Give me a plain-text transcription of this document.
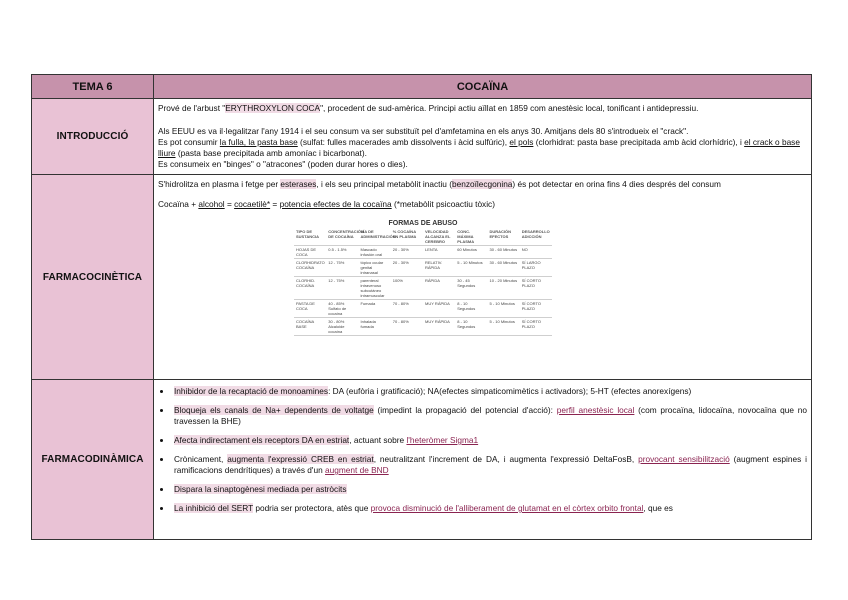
TEMA 6	COCAÏNA
INTRODUCCIÓ	

Prové de l'arbust "ERYTHROXYLON COCA", procedent de sud-amèrica. Principi actiu aïllat en 1859 com anestèsic local, tonificant i antidepressiu.

Als EEUU es va il·legalitzar l'any 1914 i el seu consum va ser substituït pel d'amfetamina en els anys 30. Amitjans dels 80 s'introdueix el "crack".

Es pot consumir la fulla, la pasta base (sulfat: fulles macerades amb dissolvents i àcid sulfúric), el pols (clorhidrat: pasta base precipitada amb àcid clorhídric), i el crack o base lliure (pasta base precipitada amb amoníac i bicarbonat).

Es consumeix en "binges" o "atracones" (poden durar hores o dies).

FARMACOCINÈTICA	

S'hidrolitza en plasma i fetge per esterases, i els seu principal metabòlit inactiu (benzoïlecgonina) és pot detectar en orina fins 4 dies després del consum

Cocaïna + alcohol = cocaetilè* = potencia efectes de la cocaïna (*metabòlit psicoactiu tòxic)

FORMAS DE ABUSO
TIPO DE SUSTANCIA	CONCENTRACIÓN DE COCAÍNA	VÍA DE ADMINISTRACIÓN	% COCAÍNA EN PLASMA	VELOCIDAD ALCANZA EL CEREBRO	CONC. MÁXIMA PLASMA	DURACIÓN EFECTOS	DESARROLLO ADICCIÓN
HOJAS DE COCA	0.5 - 1.5%	Mascado infusión oral	20 - 30%	LENTA	60 Minutos	30 - 60 Minutos	NO
CLORHIDRATO COCAÍNA	12 - 75%	tópico ocular genital intranasal	20 - 30%	RELATIV. RÁPIDA	5 - 10 Minutos	30 - 60 Minutos	SÍ LARGO PLAZO
CLORHID. COCAÍNA	12 - 75%	parenteral intravenoso subcutáneo intramuscular	100%	RÁPIDA	30 - 45 Segundos	10 - 20 Minutos	SÍ CORTO PLAZO
PASTA DE COCA	40 - 85% Sulfato de cocaína	Fumada	70 - 80%	MUY RÁPIDA	8 - 10 Segundos	5 - 10 Minutos	SÍ CORTO PLAZO
COCAÍNA BASE	30 - 80% Alcaloide cocaína	Inhalada fumada	70 - 80%	MUY RÁPIDA	8 - 10 Segundos	5 - 10 Minutos	SÍ CORTO PLAZO

FARMACODINÀMICA	
• Inhibidor de la recaptació de monoamines: DA (eufòria i gratificació); NA(efectes simpaticomimètics i activadors); 5-HT (efectes anorexígens)
• Bloqueja els canals de Na+ dependents de voltatge (impedint la propagació del potencial d'acció): perfil anestèsic local (com procaïna, lidocaïna, novocaïna que no travessen la BHE)
• Afecta indirectament els receptors DA en estriat, actuant sobre l'heteròmer Sigma1
• Crònicament, augmenta l'expressió CREB en estriat, neutralitzant l'increment de DA, i augmenta l'expressió DeltaFosB, provocant sensibilització (augment espines i ramificacions dendrítiques) a través d'un augment de BND
• Dispara la sinaptogènesi mediada per astròcits
• La inhibició del SERT podria ser protectora, atès que provoca disminució de l'alliberament de glutamat en el còrtex orbito frontal, que es
